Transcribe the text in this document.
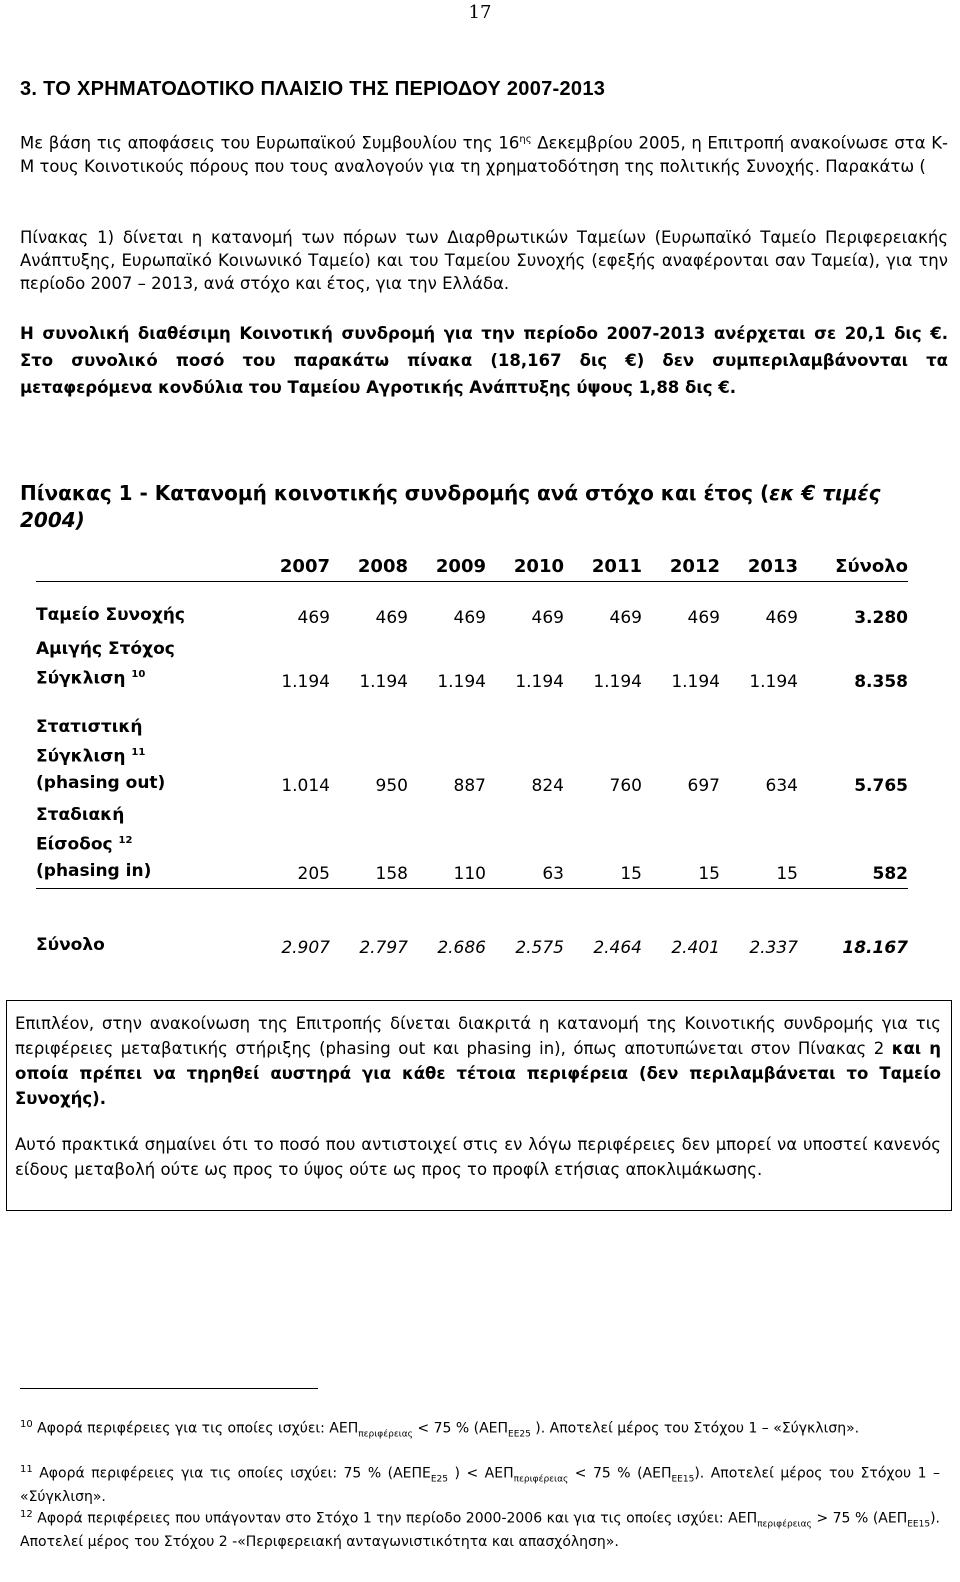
17
3. ΤΟ ΧΡΗΜΑΤΟΔΟΤΙΚΟ ΠΛΑΙΣΙΟ ΤΗΣ ΠΕΡΙΟΔΟΥ 2007-2013

Με βάση τις αποφάσεις του Ευρωπαϊκού Συμβουλίου της $16^{\eta\varsigma}$ Δεκεμβρίου 2005, η Επιτροπή ανακοίνωσε στα Κ-Μ τους Κοινοτικούς πόρους που τους αναλογούν για τη χρηματοδότηση της πολιτικής Συνοχής. Παρακάτω (

Πίνακας 1) δίνεται η κατανομή των πόρων των Διαρθρωτικών Ταμείων (Ευρωπαϊκό Ταμείο Περιφερειακής Ανάπτυξης, Ευρωπαϊκό Κοινωνικό Ταμείο) και του Ταμείου Συνοχής (εφεξής αναφέρονται σαν Ταμεία), για την περίοδο 2007 – 2013, ανά στόχο και έτος, για την Ελλάδα.
Η συνολική διαθέσιμη Κοινοτική συνδρομή για την περίοδο 2007-2013 ανέρχεται σε 20,1 δις €. Στο συνολικό ποσό του παρακάτω πίνακα (18,167 δις €) δεν συμπεριλαμβάνονται τα μεταφερόμενα κονδύλια του Ταμείου Αγροτικής Ανάπτυξης ύψους 1,88 δις €.
Πίνακας 1 - Κατανομή κοινοτικής συνδρομής ανά στόχο και έτος (εκ € τιμές 2004)
	2007	2008	2009	2010	2011	2012	2013	Σύνολο

Ταμείο Συνοχής	469	469	469	469	469	469	469	3.280
Αμιγής Στόχος
Σύγκλιση $^{10}$	1.194	1.194	1.194	1.194	1.194	1.194	1.194	8.358
Στατιστική
Σύγκλιση $^{11}$
(phasing out)	1.014	950	887	824	760	697	634	5.765
Σταδιακή
Είσοδος $^{12}$
(phasing in)	205	158	110	63	15	15	15	582

Σύνολο	2.907	2.797	2.686	2.575	2.464	2.401	2.337	18.167
Επιπλέον, στην ανακοίνωση της Επιτροπής δίνεται διακριτά η κατανομή της Κοινοτικής συνδρομής για τις περιφέρειες μεταβατικής στήριξης (phasing out και phasing in), όπως αποτυπώνεται στον Πίνακας 2 και η οποία πρέπει να τηρηθεί αυστηρά για κάθε τέτοια περιφέρεια (δεν περιλαμβάνεται το Ταμείο Συνοχής).
Αυτό πρακτικά σημαίνει ότι το ποσό που αντιστοιχεί στις εν λόγω περιφέρειες δεν μπορεί να υποστεί κανενός είδους μεταβολή ούτε ως προς το ύψος ούτε ως προς το προφίλ ετήσιας αποκλιμάκωσης.
$^{10}$ Αφορά περιφέρειες για τις οποίες ισχύει: $AE\Pi_{\pi\varepsilon\rho\iota\varphi έ\rho\varepsilon\iota\alpha\varsigma} < 75$ % ($AE\Pi_{EE25}$ ). Αποτελεί μέρος του Στόχου 1 – «Σύγκλιση».
$^{11}$ Αφορά περιφέρειες για τις οποίες ισχύει: 75 % ($AE\Pi E_{E25}$ ) < $AE\Pi_{\pi\varepsilon\rho\iota\varphi έ\rho\varepsilon\iota\alpha\varsigma} < 75$ % $(AE\Pi_{EE15})$. Αποτελεί μέρος του Στόχου 1 – «Σύγκλιση».
$^{12}$ Αφορά περιφέρειες που υπάγονταν στο Στόχο 1 την περίοδο 2000-2006 και για τις οποίες ισχύει: $AE\Pi_{\pi\varepsilon\rho\iota\varphi έ\rho\varepsilon\iota\alpha\varsigma} > 75$ % $(AE\Pi_{EE15})$. Αποτελεί μέρος του Στόχου 2 -«Περιφερειακή ανταγωνιστικότητα και απασχόληση».
